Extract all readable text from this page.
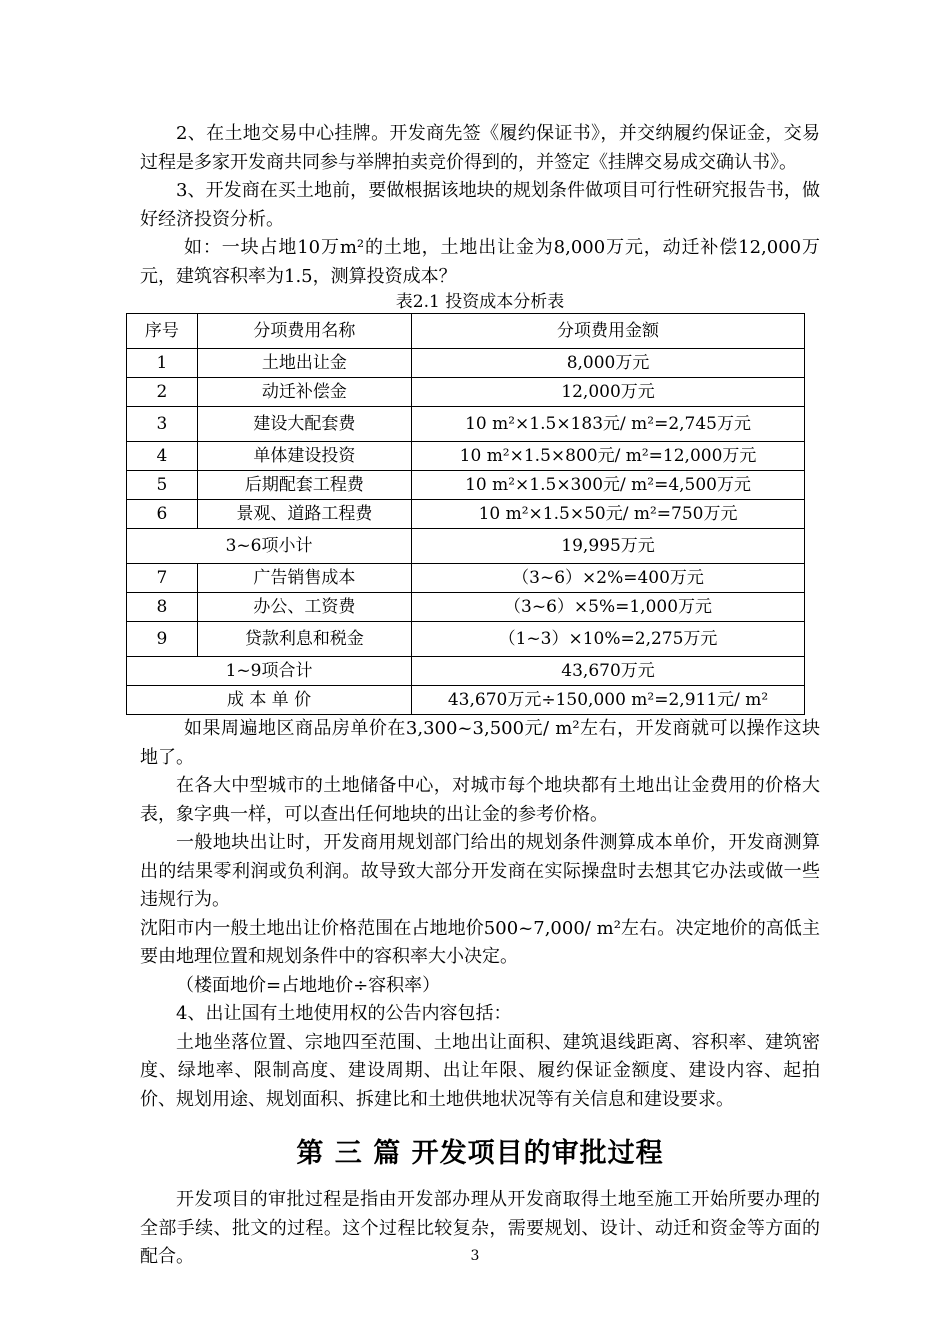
2、在土地交易中心挂牌。开发商先签《履约保证书》，并交纳履约保证金，交易过程是多家开发商共同参与举牌拍卖竞价得到的，并签定《挂牌交易成交确认书》。

3、开发商在买土地前，要做根据该地块的规划条件做项目可行性研究报告书，做好经济投资分析。

如：一块占地10万m²的土地，土地出让金为8,000万元，动迁补偿12,000万元，建筑容积率为1.5，测算投资成本？

表2.1 投资成本分析表
序号	分项费用名称	分项费用金额
1	土地出让金	8,000万元
2	动迁补偿金	12,000万元
3	建设大配套费	10 m²×1.5×183元/ m²=2,745万元
4	单体建设投资	10 m²×1.5×800元/ m²=12,000万元
5	后期配套工程费	10 m²×1.5×300元/ m²=4,500万元
6	景观、道路工程费	10 m²×1.5×50元/ m²=750万元
3~6项小计		19,995万元
7	广告销售成本	（3~6）×2%=400万元
8	办公、工资费	（3~6）×5%=1,000万元
9	贷款利息和税金	（1~3）×10%=2,275万元
1~9项合计		43,670万元
成 本 单 价		43,670万元÷150,000 m²=2,911元/ m²

如果周遍地区商品房单价在3,300~3,500元/ m²左右，开发商就可以操作这块地了。

在各大中型城市的土地储备中心，对城市每个地块都有土地出让金费用的价格大表，象字典一样，可以查出任何地块的出让金的参考价格。

一般地块出让时，开发商用规划部门给出的规划条件测算成本单价，开发商测算出的结果零利润或负利润。故导致大部分开发商在实际操盘时去想其它办法或做一些违规行为。

沈阳市内一般土地出让价格范围在占地地价500~7,000/ m²左右。决定地价的高低主要由地理位置和规划条件中的容积率大小决定。

（楼面地价=占地地价÷容积率）

4、出让国有土地使用权的公告内容包括：

土地坐落位置、宗地四至范围、土地出让面积、建筑退线距离、容积率、建筑密度、绿地率、限制高度、建设周期、出让年限、履约保证金额度、建设内容、起拍价、规划用途、规划面积、拆建比和土地供地状况等有关信息和建设要求。

第 三 篇 开发项目的审批过程

开发项目的审批过程是指由开发部办理从开发商取得土地至施工开始所要办理的全部手续、批文的过程。这个过程比较复杂，需要规划、设计、动迁和资金等方面的配合。	3
